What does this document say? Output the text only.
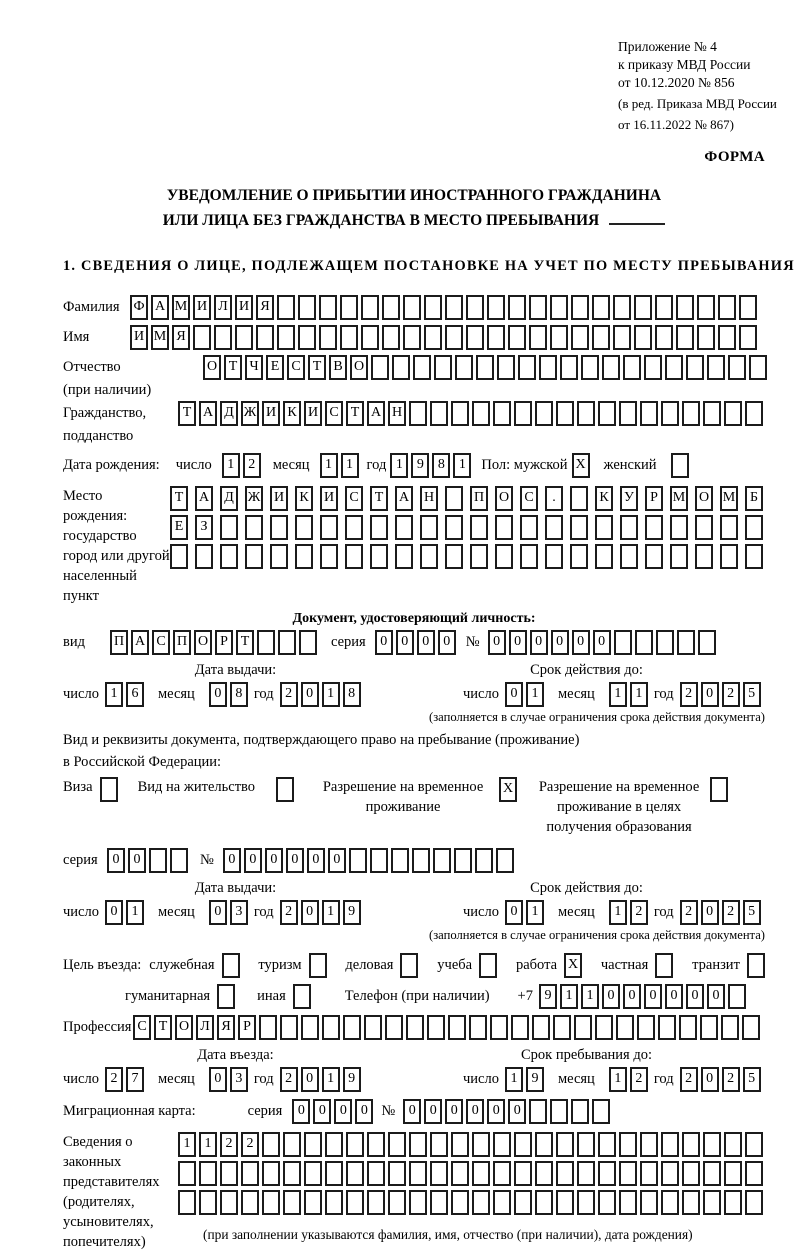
Приложение № 4
к приказу МВД России
от 10.12.2020 № 856
(в ред. Приказа МВД России
от 16.11.2022 № 867)
ФОРМА
УВЕДОМЛЕНИЕ О ПРИБЫТИИ ИНОСТРАННОГО ГРАЖДАНИНА
ИЛИ ЛИЦА БЕЗ ГРАЖДАНСТВА В МЕСТО ПРЕБЫВАНИЯ
1. СВЕДЕНИЯ О ЛИЦЕ, ПОДЛЕЖАЩЕМ ПОСТАНОВКЕ НА УЧЕТ ПО МЕСТУ ПРЕБЫВАНИЯ
Фамилия Ф А М И Л И Я
Имя	И М Я
Отчество	О Т Ч Е С Т В О
(при наличии)
Гражданство,	Т А Д Ж И К И С Т А Н
подданство
Дата рождения: число	1	2	месяц	1	1 год 1	9	8	1	Пол: мужской X женский
Место рождения:
государство
город или другой
населенный пункт
Т	А	Д Ж И	К	И	С	Т	А Н	П О	С	.	К	У	Р	М О М	Б
Е	З
Документ, удостоверяющий личность:
вид	П А С П О Р Т	серия	0	0	0	0	№ 0	0	0	0	0	0
Дата выдачи:
число 1	6	месяц	0	8 год 2	0	1	8
Срок действия до:
число 0	1	месяц	1	1 год 2	0	2	5
(заполняется в случае ограничения срока действия документа)
Вид и реквизиты документа, подтверждающего право на пребывание (проживание)
в Российской Федерации:
Виза	Вид на жительство	Разрешение на временное проживание
X Разрешение на временное проживание в целях получения образования
серия	0	0	№	0	0	0	0	0	0
Дата выдачи:
число 0	1	месяц	0	3 год 2	0	1	9
Срок действия до:
число 0	1	месяц	1	2 год 2	0	2	5
(заполняется в случае ограничения срока действия документа)
Цель въезда: служебная	туризм	деловая	учеба	работа X частная	транзит
гуманитарная	иная	Телефон (при наличии) +7 9	1	1	0	0	0	0	0	0
Профессия С Т О Л Я Р
Дата въезда:
число 2	7	месяц	0	3 год 2	0	1	9
Срок пребывания до:
число 1	9	месяц	1	2 год 2	0	2	5
Миграционная карта:	серия	0	0	0	0 № 0	0	0	0	0	0
Сведения о
законных
представителях
(родителях,
усыновителях,
попечителях)
1	1	2	2
(при заполнении указываются фамилия, имя, отчество (при наличии), дата рождения)
